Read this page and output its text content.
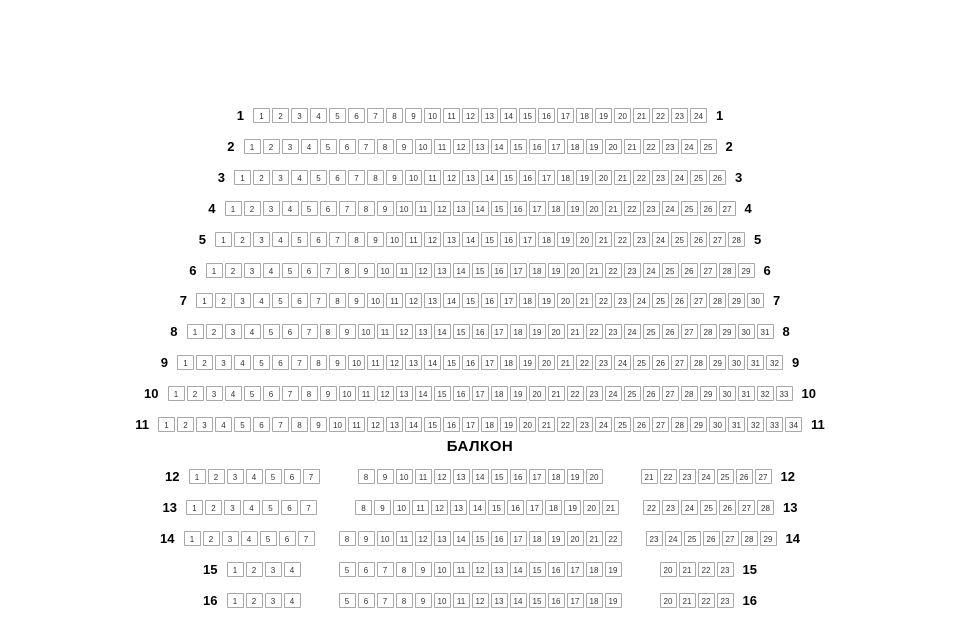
БАЛКОН
1	1	2	3	4	5	6	7	8	9	10	11	12	13	14	15	16	17	18	19	20	21	22	23	24	1
2	1	2	3	4	5	6	7	8	9	10	11	12	13	14	15	16	17	18	19	20	21	22	23	24	25	2
3	1	2	3	4	5	6	7	8	9	10	11	12	13	14	15	16	17	18	19	20	21	22	23	24	25	26	3
4	1	2	3	4	5	6	7	8	9	10	11	12	13	14	15	16	17	18	19	20	21	22	23	24	25	26	27	4
5	1	2	3	4	5	6	7	8	9	10	11	12	13	14	15	16	17	18	19	20	21	22	23	24	25	26	27	28	5
6	1	2	3	4	5	6	7	8	9	10	11	12	13	14	15	16	17	18	19	20	21	22	23	24	25	26	27	28	29	6
7	1	2	3	4	5	6	7	8	9	10	11	12	13	14	15	16	17	18	19	20	21	22	23	24	25	26	27	28	29	30	7
8	1	2	3	4	5	6	7	8	9	10	11	12	13	14	15	16	17	18	19	20	21	22	23	24	25	26	27	28	29	30	31	8
9	1	2	3	4	5	6	7	8	9	10	11	12	13	14	15	16	17	18	19	20	21	22	23	24	25	26	27	28	29	30	31	32	9
10	1	2	3	4	5	6	7	8	9	10	11	12	13	14	15	16	17	18	19	20	21	22	23	24	25	26	27	28	29	30	31	32	33	10
11	1	2	3	4	5	6	7	8	9	10	11	12	13	14	15	16	17	18	19	20	21	22	23	24	25	26	27	28	29	30	31	32	33	34	11
12	1	2	3	4	5	6	7	8	9	10	11	12	13	14	15	16	17	18	19	20	21	22	23	24	25	26	27	12
13	1	2	3	4	5	6	7	8	9	10	11	12	13	14	15	16	17	18	19	20	21	22	23	24	25	26	27	28	13
14	1	2	3	4	5	6	7	8	9	10	11	12	13	14	15	16	17	18	19	20	21	22	23	24	25	26	27	28	29	14
15	1	2	3	4	5	6	7	8	9	10	11	12	13	14	15	16	17	18	19	20	21	22	23	15
16	1	2	3	4	5	6	7	8	9	10	11	12	13	14	15	16	17	18	19	20	21	22	23	16
